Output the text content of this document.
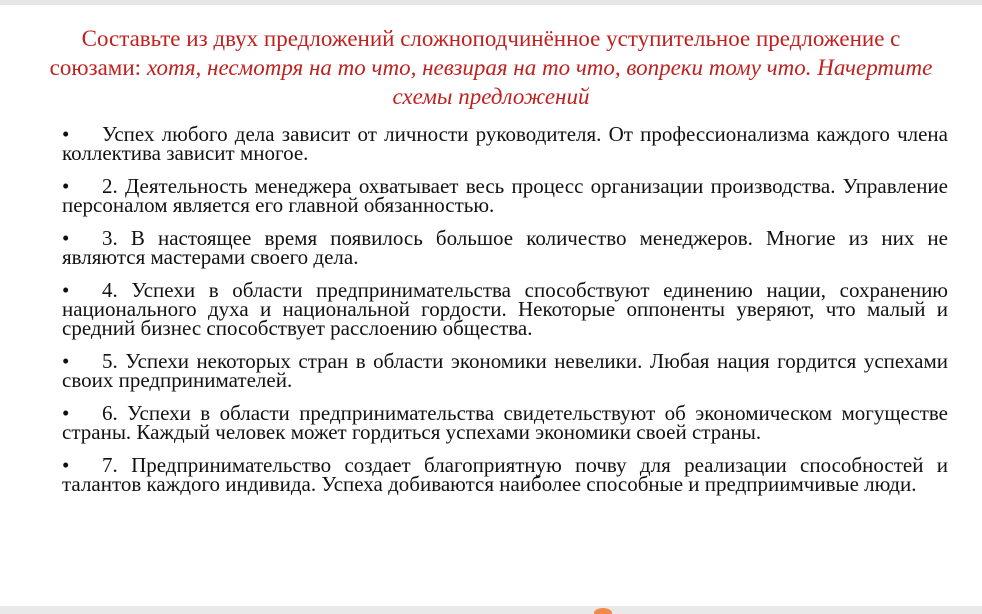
Составьте из двух предложений сложноподчинённое уступительное предложение с союзами: хотя, несмотря на то что, невзирая на то что, вопреки тому что. Начертите схемы предложений
• Успех любого дела зависит от личности руководителя. От профессионализма каждого члена коллектива зависит многое.
• 2. Деятельность менеджера охватывает весь процесс организации производства. Управление персоналом является его главной обязанностью.
• 3. В настоящее время появилось большое количество менеджеров. Многие из них не являются мастерами своего дела.
• 4. Успехи в области предпринимательства способствуют единению нации, сохранению национального духа и национальной гордости. Некоторые оппоненты уверяют, что малый и средний бизнес способствует расслоению общества.
• 5. Успехи некоторых стран в области экономики невелики. Любая нация гордится успехами своих предпринимателей.
• 6. Успехи в области предпринимательства свидетельствуют об экономическом могуществе страны. Каждый человек может гордиться успехами экономики своей страны.
• 7. Предпринимательство создает благоприятную почву для реализации способностей и талантов каждого индивида. Успеха добиваются наиболее способные и предприимчивые люди.
